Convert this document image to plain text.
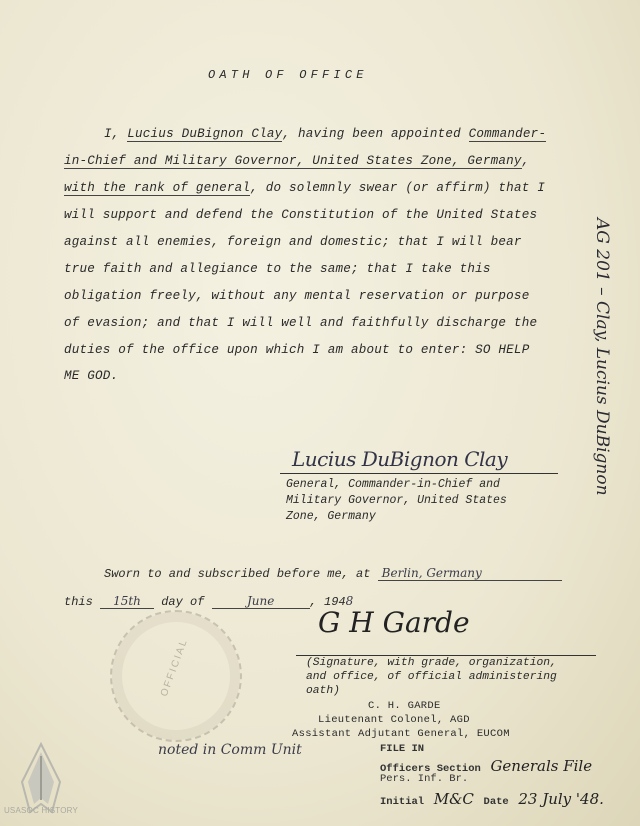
OATH OF OFFICE
I, Lucius DuBignon Clay, having been appointed Commander-
in-Chief and Military Governor, United States Zone, Germany,
with the rank of general, do solemnly swear (or affirm) that I
will support and defend the Constitution of the United States
against all enemies, foreign and domestic; that I will bear
true faith and allegiance to the same; that I take this
obligation freely, without any mental reservation or purpose
of evasion; and that I will well and faithfully discharge the
duties of the office upon which I am about to enter: SO HELP
ME GOD.
Lucius DuBignon Clay
General, Commander-in-Chief and
Military Governor, United States
Zone, Germany
Sworn to and subscribed before me, at Berlin, Germany
this 15th day of	June	, 1948
OFFICIAL
G H Garde
(Signature, with grade, organization,
and office, of official administering
oath)
C. H. GARDE
Lieutenant Colonel, AGD
Assistant Adjutant General, EUCOM
noted in Comm Unit	FILE IN
Officers Section Generals File
Pers. Inf. Br.
Initial M&C Date 23 July '48.
AG 201 – Clay, Lucius DuBignon
USASOC HISTORY
